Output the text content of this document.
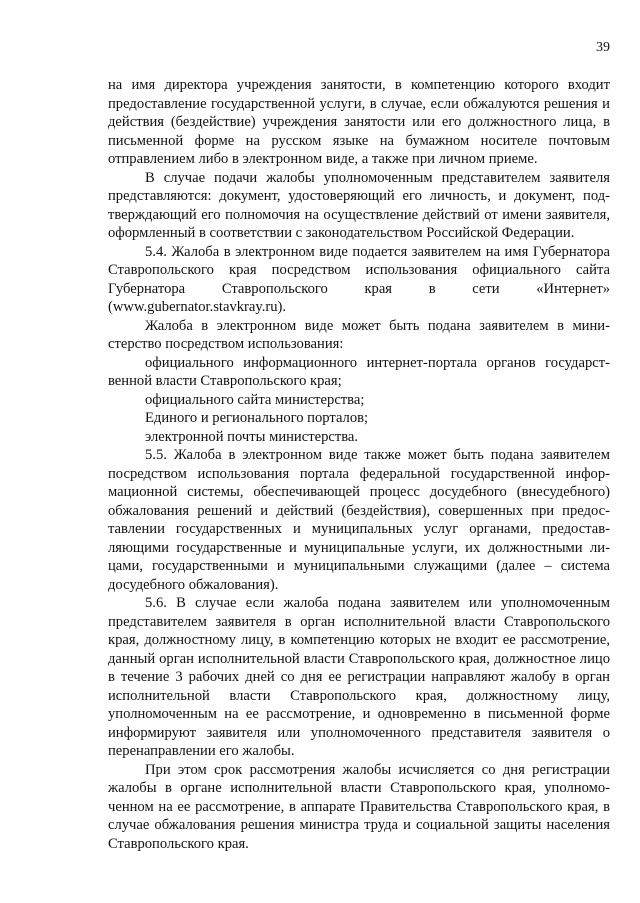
39

на имя директора учреждения занятости, в компетенцию которого входит предоставление государственной услуги, в случае, если обжалуются решения и действия (бездействие) учреждения занятости или его должностного лица, в письменной форме на русском языке на бумажном носителе почтовым отправлением либо в электронном виде, а также при личном приеме.

В случае подачи жалобы уполномоченным представителем заявителя представляются: документ, удостоверяющий его личность, и документ, подтверждающий его полномочия на осуществление действий от имени заявителя, оформленный в соответствии с законодательством Российской Федерации.

5.4. Жалоба в электронном виде подается заявителем на имя Губернатора Ставропольского края посредством использования официального сайта Губернатора Ставропольского края в сети «Интернет»

(www.gubernator.stavkray.ru).

Жалоба в электронном виде может быть подана заявителем в министерство посредством использования:

официального информационного интернет-портала органов государственной власти Ставропольского края;

официального сайта министерства;

Единого и регионального порталов;

электронной почты министерства.

5.5. Жалоба в электронном виде также может быть подана заявителем посредством использования портала федеральной государственной информационной системы, обеспечивающей процесс досудебного (внесудебного) обжалования решений и действий (бездействия), совершенных при предоставлении государственных и муниципальных услуг органами, предоставляющими государственные и муниципальные услуги, их должностными лицами, государственными и муниципальными служащими (далее – система досудебного обжалования).

5.6. В случае если жалоба подана заявителем или уполномоченным представителем заявителя в орган исполнительной власти Ставропольского края, должностному лицу, в компетенцию которых не входит ее рассмотрение, данный орган исполнительной власти Ставропольского края, должностное лицо в течение 3 рабочих дней со дня ее регистрации направляют жалобу в орган исполнительной власти Ставропольского края, должностному лицу, уполномоченным на ее рассмотрение, и одновременно в письменной форме информируют заявителя или уполномоченного представителя заявителя о перенаправлении его жалобы.

При этом срок рассмотрения жалобы исчисляется со дня регистрации жалобы в органе исполнительной власти Ставропольского края, уполномоченном на ее рассмотрение, в аппарате Правительства Ставропольского края, в случае обжалования решения министра труда и социальной защиты населения Ставропольского края.
